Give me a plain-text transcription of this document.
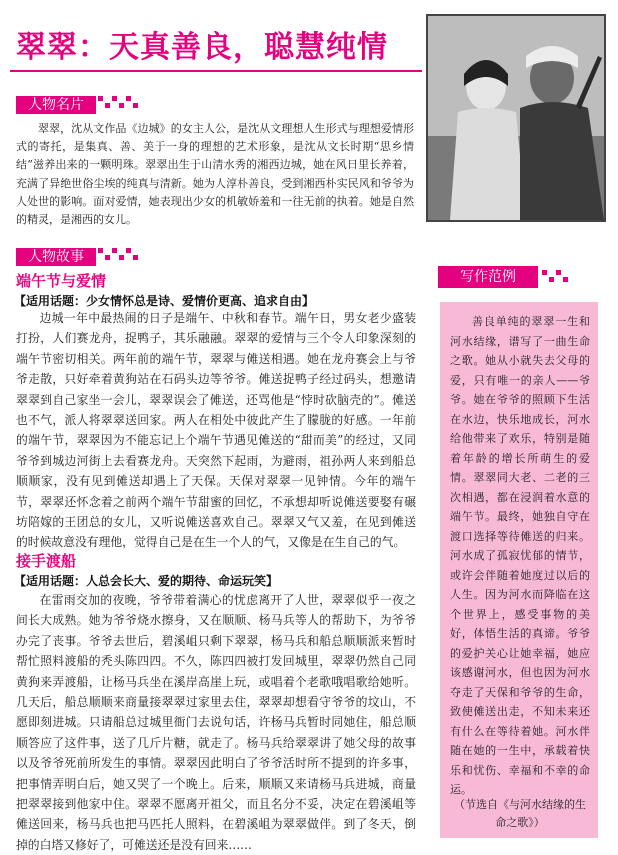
翠翠：天真善良，聪慧纯情
人物名片
翠翠，沈从文作品《边城》的女主人公，是沈从文理想人生形式与理想爱情形式的寄托，是集真、善、美于一身的理想的艺术形象，是沈从文长时期“思乡情结”滋养出来的一颗明珠。翠翠出生于山清水秀的湘西边城，她在风日里长养着，充满了异绝世俗尘埃的纯真与清新。她为人淳朴善良，受到湘西朴实民风和爷爷为人处世的影响。面对爱情，她表现出少女的机敏娇羞和一往无前的执着。她是自然的精灵，是湘西的女儿。
人物故事
端午节与爱情
【适用话题：少女情怀总是诗、爱情价更高、追求自由】
边城一年中最热闹的日子是端午、中秋和春节。端午日，男女老少盛装打扮，人们赛龙舟，捉鸭子，其乐融融。翠翠的爱情与三个令人印象深刻的端午节密切相关。两年前的端午节，翠翠与傩送相遇。她在龙舟赛会上与爷爷走散，只好牵着黄狗站在石码头边等爷爷。傩送捉鸭子经过码头，想邀请翠翠到自己家坐一会儿，翠翠误会了傩送，还骂他是“悖时砍脑壳的”。傩送也不气，派人将翠翠送回家。两人在相处中彼此产生了朦胧的好感。一年前的端午节，翠翠因为不能忘记上个端午节遇见傩送的“甜而美”的经过，又同爷爷到城边河街上去看赛龙舟。天突然下起雨，为避雨，祖孙两人来到船总顺顺家，没有见到傩送却遇上了天保。天保对翠翠一见钟情。今年的端午节，翠翠还怀念着之前两个端午节甜蜜的回忆，不承想却听说傩送要娶有碾坊陪嫁的王团总的女儿，又听说傩送喜欢自己。翠翠又气又羞，在见到傩送的时候故意没有理他，觉得自己是在生一个人的气，又像是在生自己的气。
接手渡船
【适用话题：人总会长大、爱的期待、命运玩笑】
在雷雨交加的夜晚，爷爷带着满心的忧虑离开了人世，翠翠似乎一夜之间长大成熟。她为爷爷烧水擦身，又在顺顺、杨马兵等人的帮助下，为爷爷办完了丧事。爷爷去世后，碧溪岨只剩下翠翠，杨马兵和船总顺顺派来暂时帮忙照料渡船的秃头陈四四。不久，陈四四被打发回城里，翠翠仍然自己同黄狗来弄渡船，让杨马兵坐在溪岸高崖上玩，或唱着个老歌哦唱歌给她听。几天后，船总顺顺来商量接翠翠过家里去住，翠翠却想看守爷爷的坟山，不愿即刻进城。只请船总过城里衙门去说句话，许杨马兵暂时同她住，船总顺顺答应了这件事，送了几斤片糖，就走了。杨马兵给翠翠讲了她父母的故事以及爷爷死前所发生的事情。翠翠因此明白了爷爷活时所不提到的许多事，把事情弄明白后，她又哭了一个晚上。后来，顺顺又来请杨马兵进城，商量把翠翠接到他家中住。翠翠不愿离开祖父，而且名分不妥，决定在碧溪岨等傩送回来，杨马兵也把马匹托人照料，在碧溪岨为翠翠做伴。到了冬天，倒掉的白塔又修好了，可傩送还是没有回来……
写作范例
善良单纯的翠翠一生和河水结缘，谱写了一曲生命之歌。她从小就失去父母的爱，只有唯一的亲人——爷爷。她在爷爷的照顾下生活在水边，快乐地成长，河水给他带来了欢乐，特别是随着年龄的增长所萌生的爱情。翠翠同大老、二老的三次相遇，都在浸润着水意的端午节。最终，她独自守在渡口选择等待傩送的归来。河水成了孤寂忧郁的情节，或许会伴随着她度过以后的人生。因为河水而降临在这个世界上，感受事物的美好，体悟生活的真谛。爷爷的爱护关心让她幸福，她应该感谢河水，但也因为河水夺走了天保和爷爷的生命，致使傩送出走，不知未来还有什么在等待着她。河水伴随在她的一生中，承载着快乐和忧伤、幸福和不幸的命运。
（节选自《与河水结缘的生命之歌》）
